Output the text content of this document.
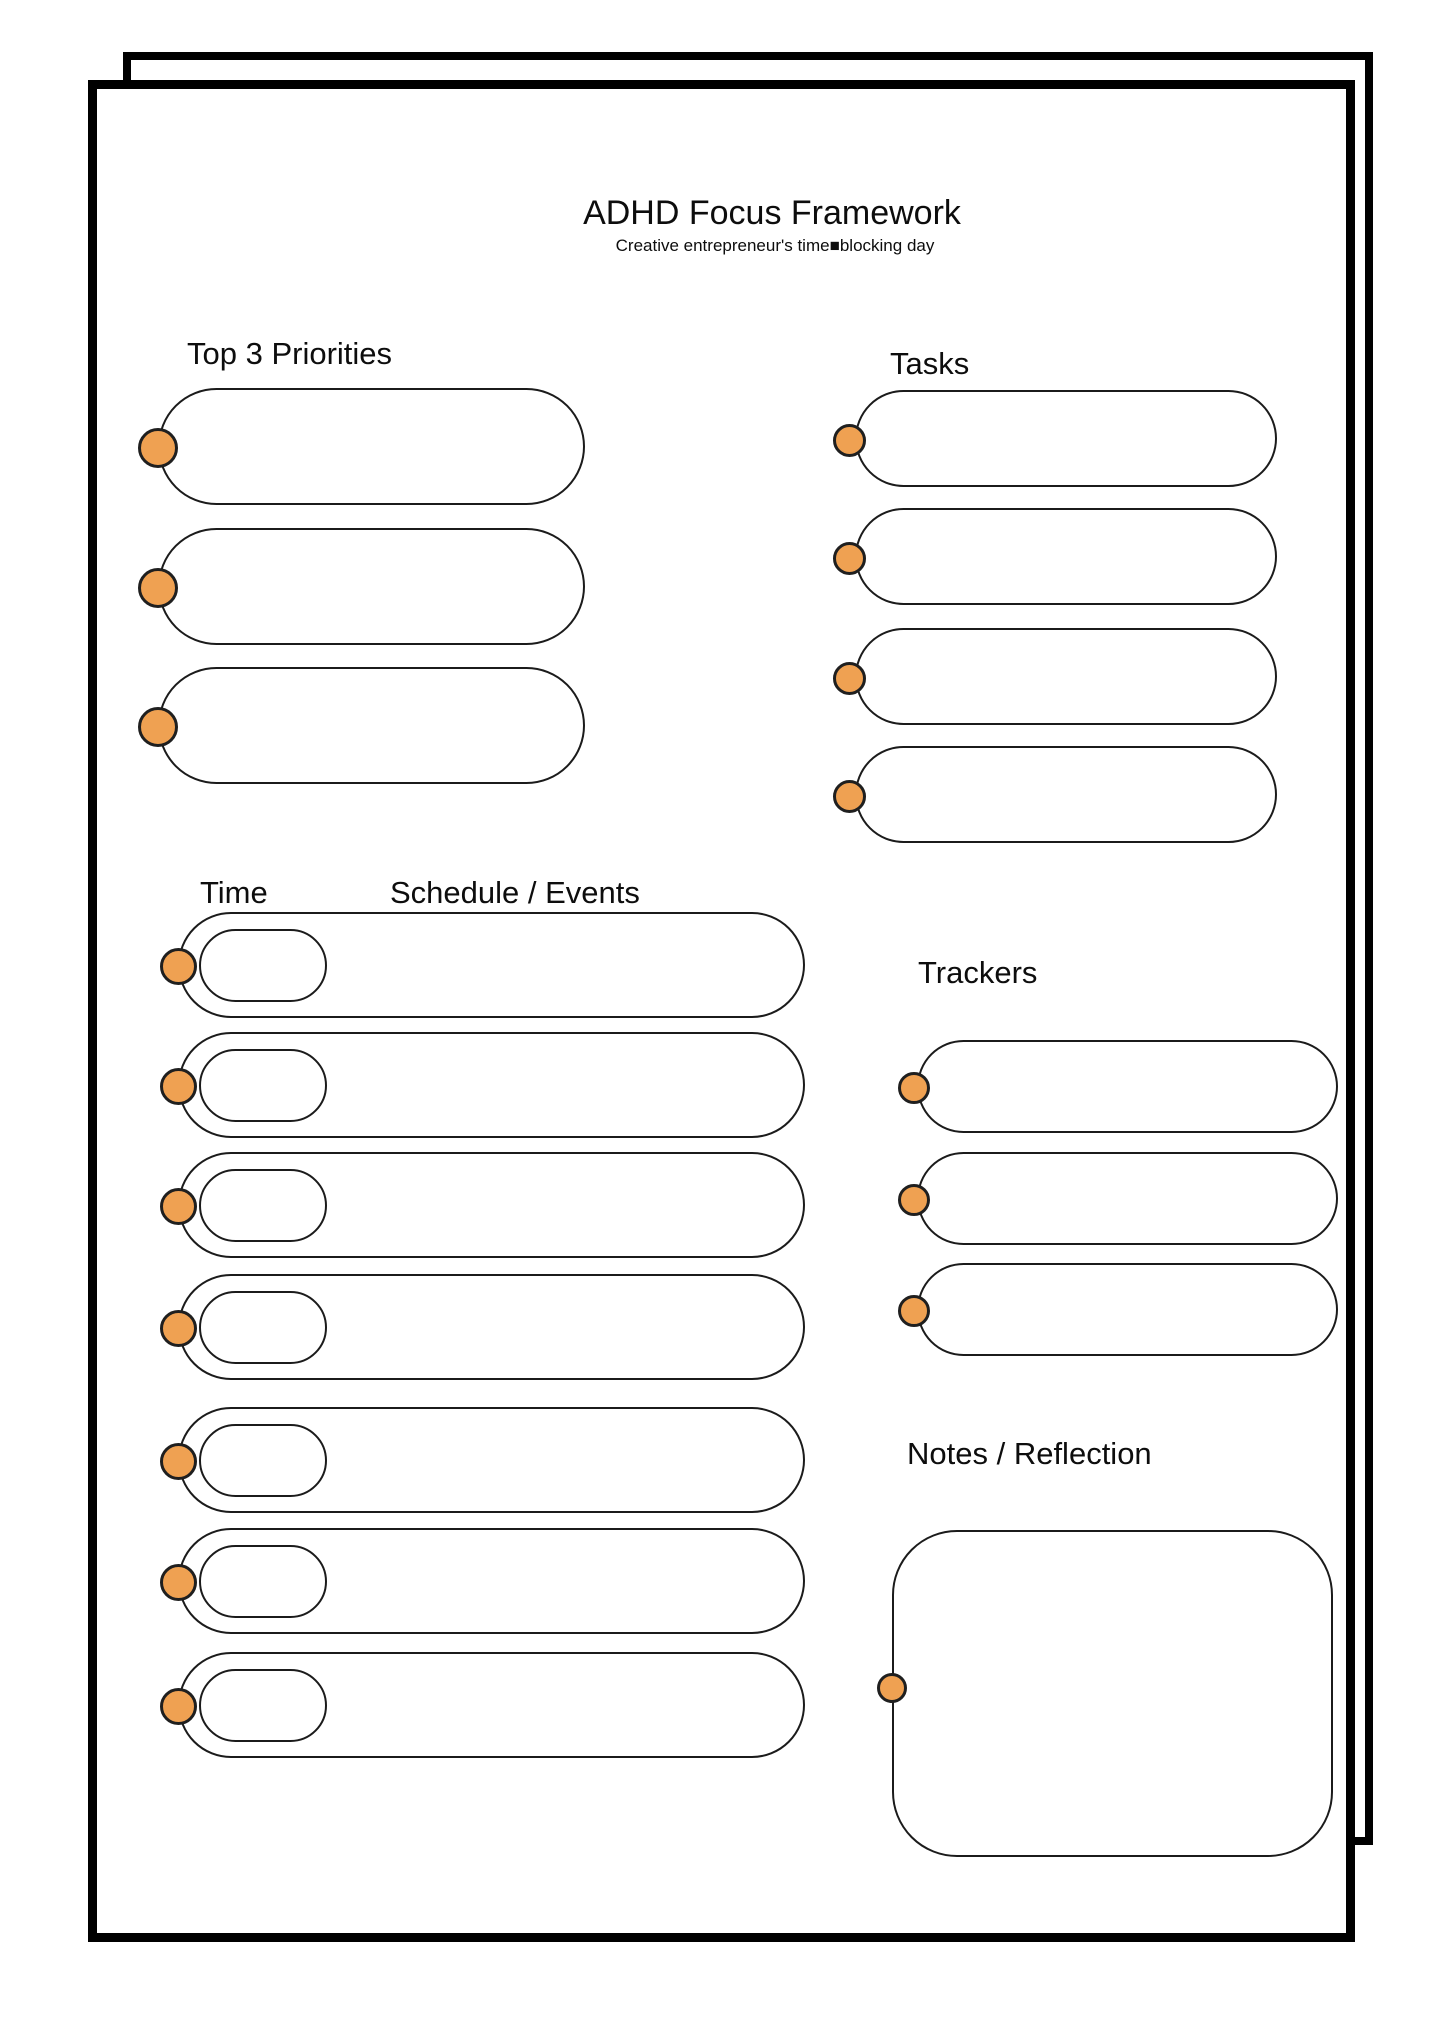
ADHD Focus Framework
Creative entrepreneur's time■blocking day
Top 3 Priorities	Tasks
Time	Schedule / Events
Trackers
Notes / Reflection
